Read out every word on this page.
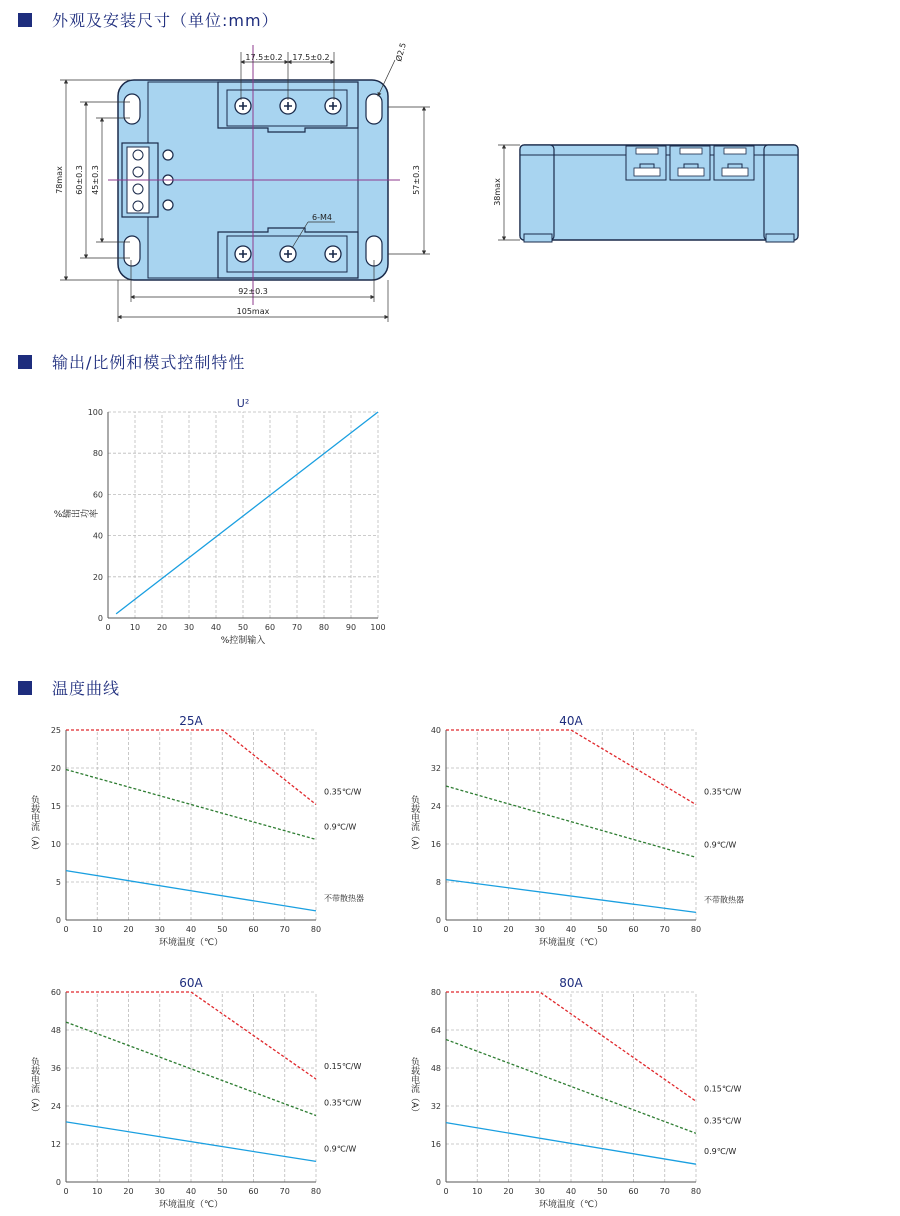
外观及安装尺寸（单位:mm）
输出/比例和模式控制特性
温度曲线
17.5±0.2 17.5±0.2	Ø2.5
78max 60±0.3 45±0.3	57±0.3
6-M4
92±0.3
105max
38max
0 10 20 30 40 50 60 70 80 90 100
0
20
40
60
80
100
U²
%控制输入
%输出功率
0	10	20	30	40	50	60	70	80
0
5
10
15
20
25
25A
环境温度（℃）
负载电流（A）
0.35℃/W
0.9℃/W
不带散热器
0	10	20	30	40	50	60	70	80
0
8
16
24
32
40
40A
环境温度（℃）
负载电流（A）
0.35℃/W
0.9℃/W
不带散热器
0	10	20	30	40	50	60	70	80
0
12
24
36
48
60
60A
环境温度（℃）
负载电流（A）	0.15℃/W
0.35℃/W
0.9℃/W
0	10	20	30	40	50	60	70	80
0
16
32
48
64
80
80A
环境温度（℃）
负载电流（A）	0.15℃/W
0.35℃/W
0.9℃/W
